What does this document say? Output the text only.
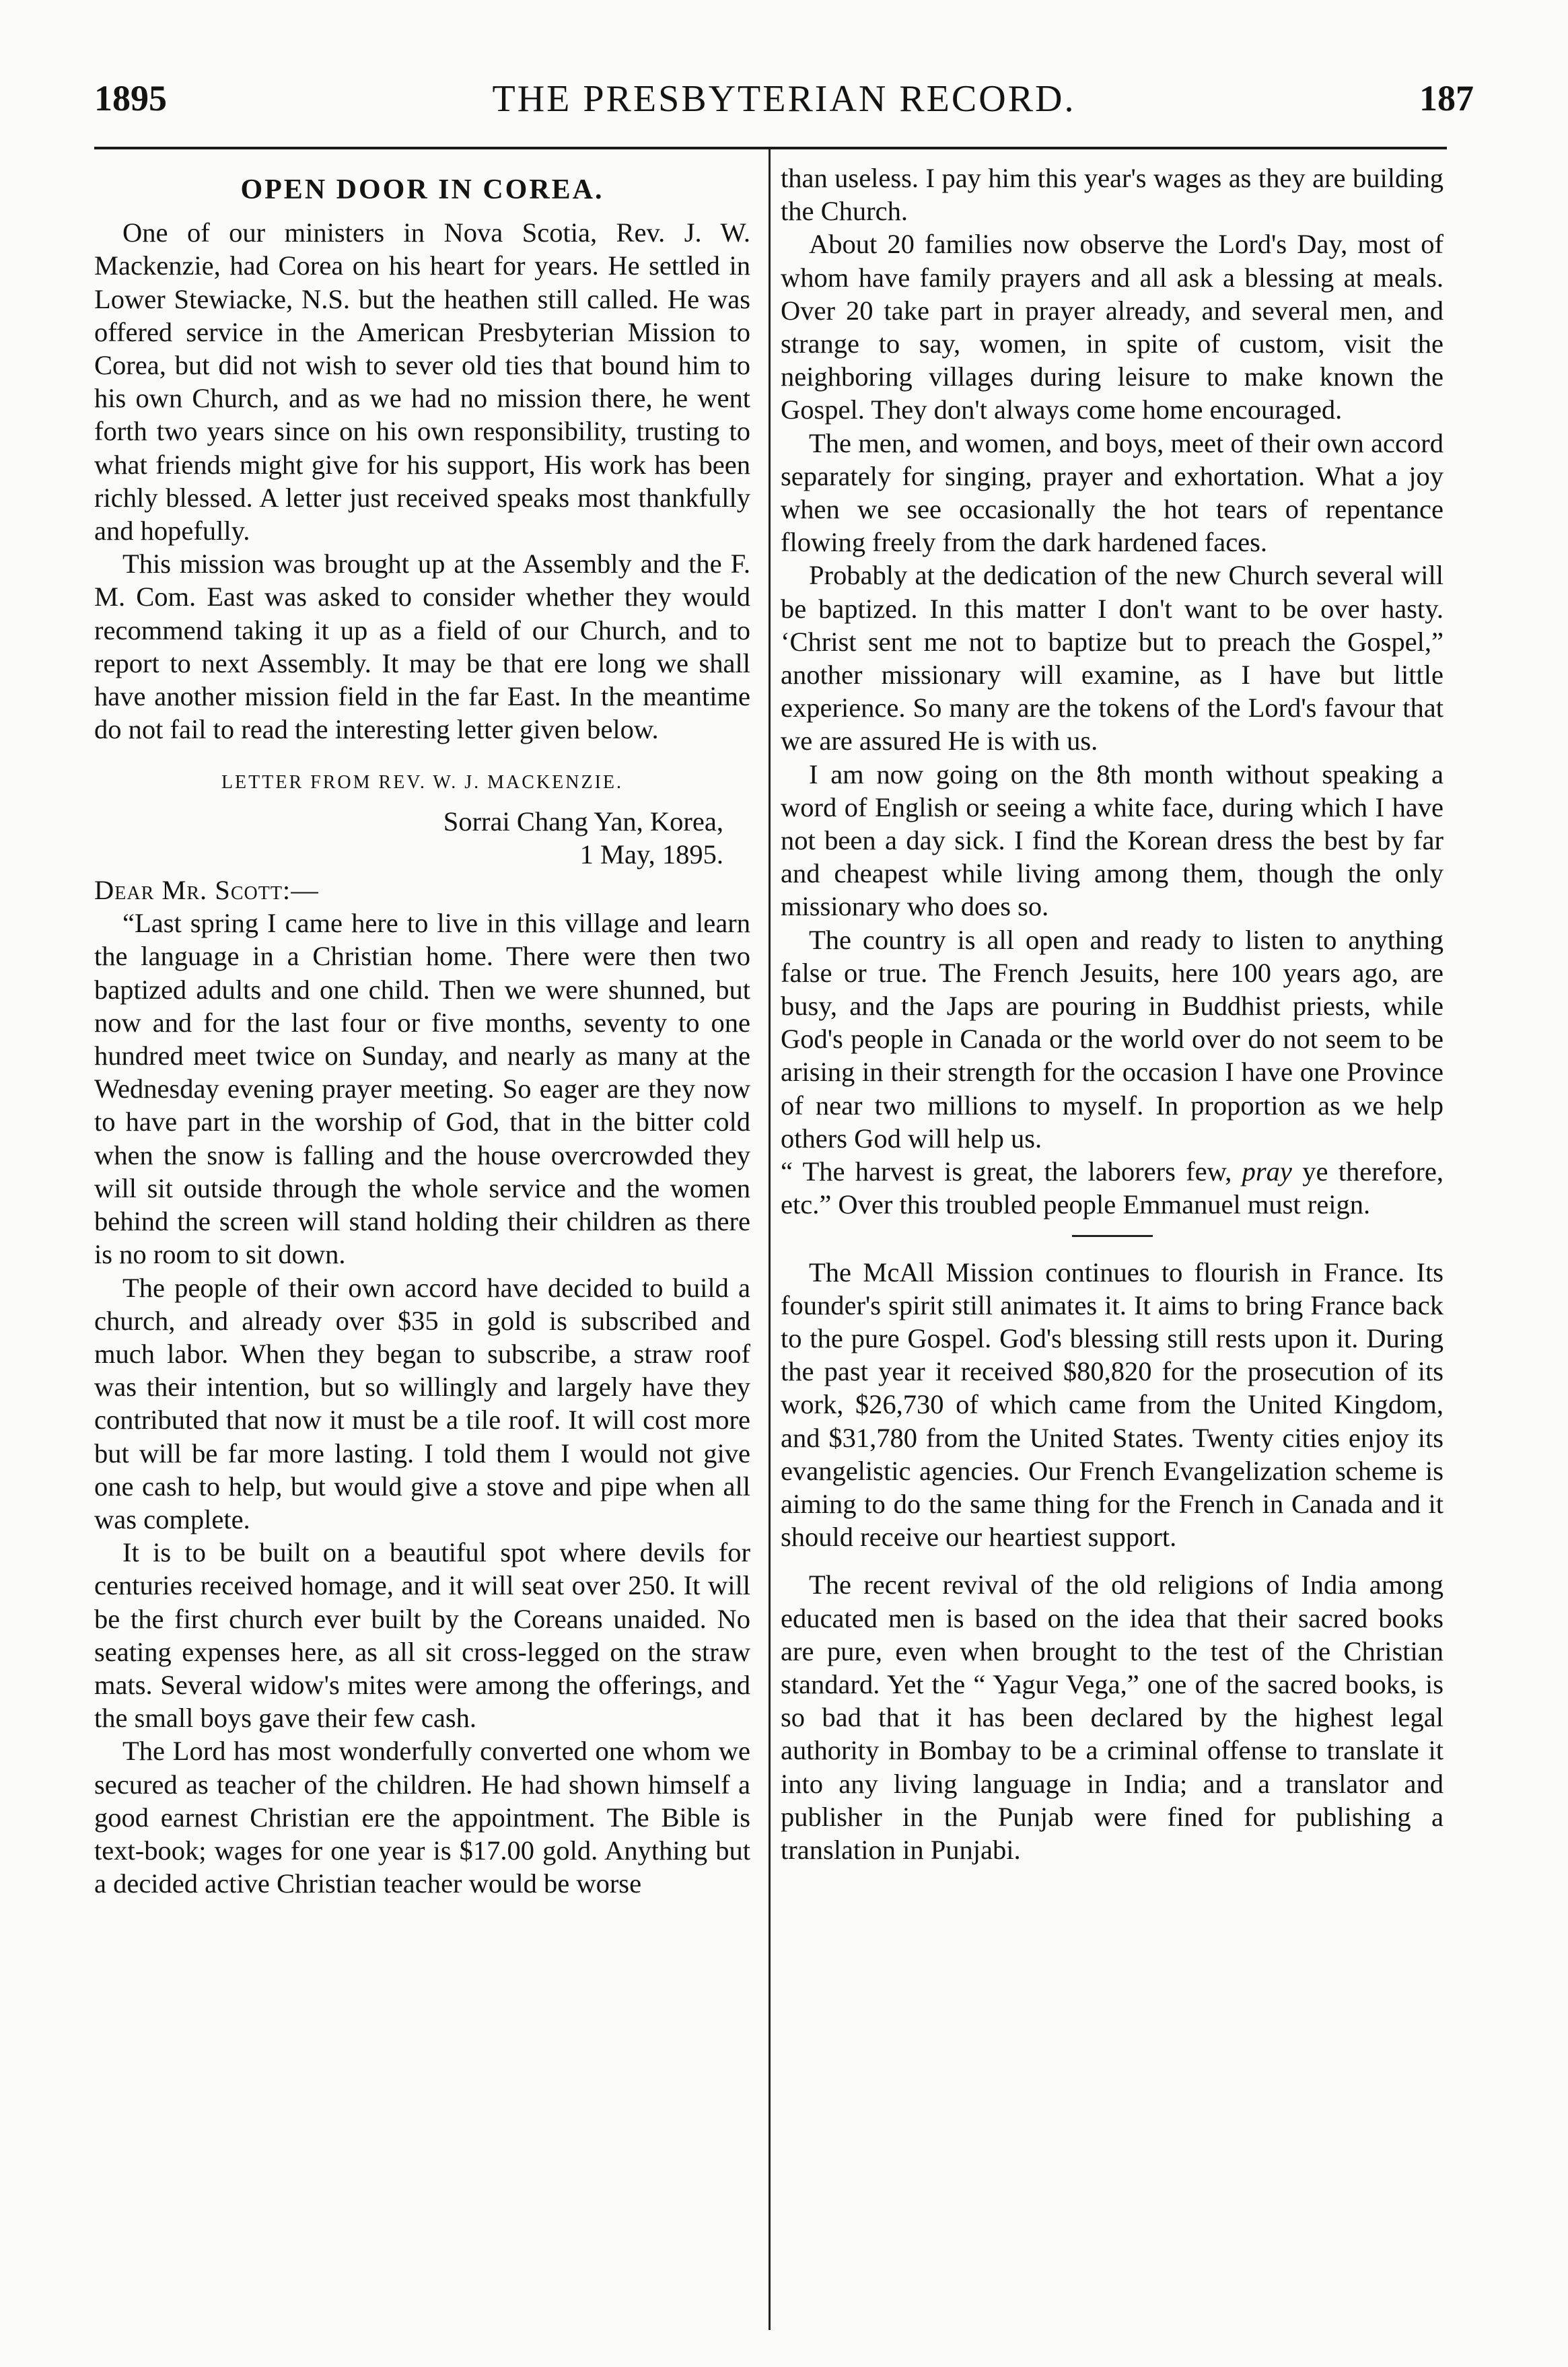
1895	THE PRESBYTERIAN RECORD.	187
OPEN DOOR IN COREA.

One of our ministers in Nova Scotia, Rev. J. W. Mackenzie, had Corea on his heart for years. He settled in Lower Stewiacke, N.S. but the heathen still called. He was offered service in the American Presbyterian Mission to Corea, but did not wish to sever old ties that bound him to his own Church, and as we had no mission there, he went forth two years since on his own responsibility, trusting to what friends might give for his support, His work has been richly blessed. A letter just received speaks most thankfully and hopefully.

This mission was brought up at the Assembly and the F. M. Com. East was asked to consider whether they would recommend taking it up as a field of our Church, and to report to next Assembly. It may be that ere long we shall have another mission field in the far East. In the meantime do not fail to read the interesting letter given below.

LETTER FROM REV. W. J. MACKENZIE.
Sorrai Chang Yan, Korea,
1 May, 1895.
Dear Mr. Scott:—

“Last spring I came here to live in this village and learn the language in a Christian home. There were then two baptized adults and one child. Then we were shunned, but now and for the last four or five months, seventy to one hundred meet twice on Sunday, and nearly as many at the Wednesday evening prayer meeting. So eager are they now to have part in the worship of God, that in the bitter cold when the snow is falling and the house overcrowded they will sit outside through the whole service and the women behind the screen will stand holding their children as there is no room to sit down.

The people of their own accord have decided to build a church, and already over $35 in gold is subscribed and much labor. When they began to subscribe, a straw roof was their intention, but so willingly and largely have they contributed that now it must be a tile roof. It will cost more but will be far more lasting. I told them I would not give one cash to help, but would give a stove and pipe when all was complete.

It is to be built on a beautiful spot where devils for centuries received homage, and it will seat over 250. It will be the first church ever built by the Coreans unaided. No seating expenses here, as all sit cross-legged on the straw mats. Several widow's mites were among the offerings, and the small boys gave their few cash.

The Lord has most wonderfully converted one whom we secured as teacher of the children. He had shown himself a good earnest Christian ere the appointment. The Bible is text-book; wages for one year is $17.00 gold. Anything but a decided active Christian teacher would be worse

than useless. I pay him this year's wages as they are building the Church.

About 20 families now observe the Lord's Day, most of whom have family prayers and all ask a blessing at meals. Over 20 take part in prayer already, and several men, and strange to say, women, in spite of custom, visit the neighboring villages during leisure to make known the Gospel. They don't always come home encouraged.

The men, and women, and boys, meet of their own accord separately for singing, prayer and exhortation. What a joy when we see occasionally the hot tears of repentance flowing freely from the dark hardened faces.

Probably at the dedication of the new Church several will be baptized. In this matter I don't want to be over hasty. ‘Christ sent me not to baptize but to preach the Gospel,” another missionary will examine, as I have but little experience. So many are the tokens of the Lord's favour that we are assured He is with us.

I am now going on the 8th month without speaking a word of English or seeing a white face, during which I have not been a day sick. I find the Korean dress the best by far and cheapest while living among them, though the only missionary who does so.

The country is all open and ready to listen to anything false or true. The French Jesuits, here 100 years ago, are busy, and the Japs are pouring in Buddhist priests, while God's people in Canada or the world over do not seem to be arising in their strength for the occasion I have one Province of near two millions to myself. In proportion as we help others God will help us.

“ The harvest is great, the laborers few, pray ye therefore, etc.” Over this troubled people Emmanuel must reign.

The McAll Mission continues to flourish in France. Its founder's spirit still animates it. It aims to bring France back to the pure Gospel. God's blessing still rests upon it. During the past year it received $80,820 for the prosecution of its work, $26,730 of which came from the United Kingdom, and $31,780 from the United States. Twenty cities enjoy its evangelistic agencies. Our French Evangelization scheme is aiming to do the same thing for the French in Canada and it should receive our heartiest support.

The recent revival of the old religions of India among educated men is based on the idea that their sacred books are pure, even when brought to the test of the Christian standard. Yet the “ Yagur Vega,” one of the sacred books, is so bad that it has been declared by the highest legal authority in Bombay to be a criminal offense to translate it into any living language in India; and a translator and publisher in the Punjab were fined for publishing a translation in Punjabi.
